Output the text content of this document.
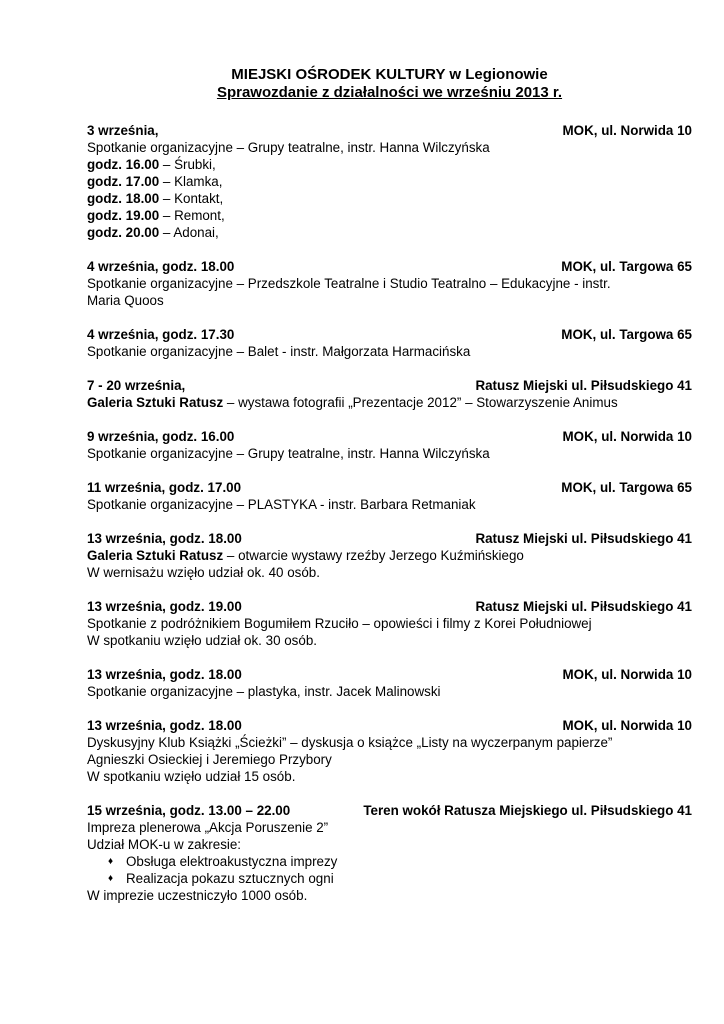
MIEJSKI OŚRODEK KULTURY w Legionowie
Sprawozdanie z działalności we wrześniu 2013 r.
3 września,	MOK, ul. Norwida 10
Spotkanie organizacyjne – Grupy teatralne, instr. Hanna Wilczyńska
godz. 16.00 – Śrubki,
godz. 17.00 – Klamka,
godz. 18.00 – Kontakt,
godz. 19.00 – Remont,
godz. 20.00 – Adonai,
4 września, godz. 18.00	MOK, ul. Targowa 65
Spotkanie organizacyjne – Przedszkole Teatralne i Studio Teatralno – Edukacyjne - instr.
Maria Quoos
4 września, godz. 17.30	MOK, ul. Targowa 65
Spotkanie organizacyjne – Balet - instr. Małgorzata Harmacińska
7 - 20 września,	Ratusz Miejski ul. Piłsudskiego 41
Galeria Sztuki Ratusz – wystawa fotografii „Prezentacje 2012” – Stowarzyszenie Animus
9 września, godz. 16.00	MOK, ul. Norwida 10
Spotkanie organizacyjne – Grupy teatralne, instr. Hanna Wilczyńska
11 września, godz. 17.00	MOK, ul. Targowa 65
Spotkanie organizacyjne – PLASTYKA - instr. Barbara Retmaniak
13 września, godz. 18.00	Ratusz Miejski ul. Piłsudskiego 41
Galeria Sztuki Ratusz – otwarcie wystawy rzeźby Jerzego Kuźmińskiego
W wernisażu wzięło udział ok. 40 osób.
13 września, godz. 19.00	Ratusz Miejski ul. Piłsudskiego 41
Spotkanie z podróżnikiem Bogumiłem Rzuciło – opowieści i filmy z Korei Południowej
W spotkaniu wzięło udział ok. 30 osób.
13 września, godz. 18.00	MOK, ul. Norwida 10
Spotkanie organizacyjne – plastyka, instr. Jacek Malinowski
13 września, godz. 18.00	MOK, ul. Norwida 10
Dyskusyjny Klub Książki „Ścieżki” – dyskusja o książce „Listy na wyczerpanym papierze”
Agnieszki Osieckiej i Jeremiego Przybory
W spotkaniu wzięło udział 15 osób.
15 września, godz. 13.00 – 22.00	Teren wokół Ratusza Miejskiego ul. Piłsudskiego 41
Impreza plenerowa „Akcja Poruszenie 2”
Udział MOK-u w zakresie:
♦ Obsługa elektroakustyczna imprezy
♦ Realizacja pokazu sztucznych ogni
W imprezie uczestniczyło 1000 osób.
